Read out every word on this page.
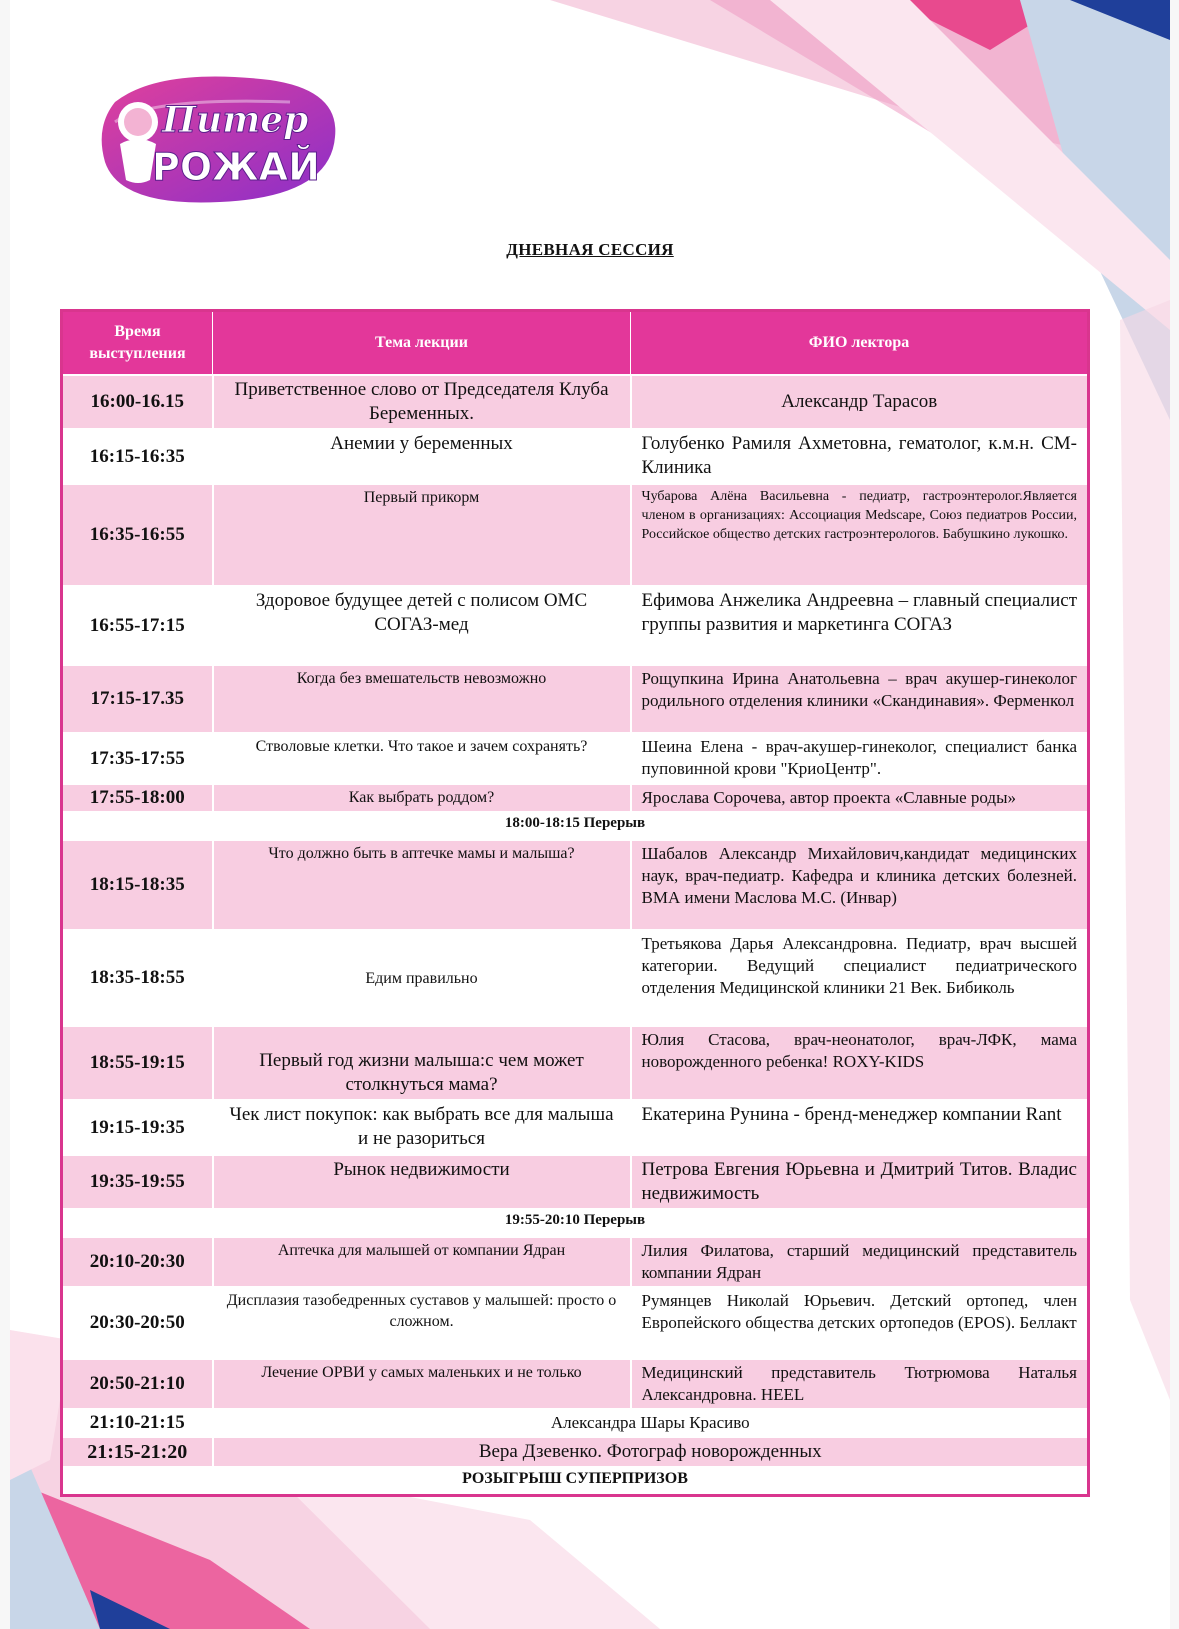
Питер
РОЖАЙ
ДНЕВНАЯ СЕССИЯ
Время выступления	Тема лекции	ФИО лектора
16:00-16.15	Приветственное слово от Председателя Клуба Беременных.	Александр Тарасов
16:15-16:35	Анемии у беременных	Голубенко Рамиля Ахметовна, гематолог, к.м.н. СМ-Клиника
16:35-16:55	Первый прикорм	Чубарова Алёна Васильевна - педиатр, гастроэнтеролог.Является членом в организациях: Ассоциация Medscape, Союз педиатров России, Российское общество детских гастроэнтерологов. Бабушкино лукошко.
16:55-17:15	Здоровое будущее детей с полисом ОМС СОГАЗ-мед	Ефимова Анжелика Андреевна – главный специалист группы развития и маркетинга СОГАЗ
17:15-17.35	Когда без вмешательств невозможно	Рощупкина Ирина Анатольевна – врач акушер-гинеколог родильного отделения клиники «Скандинавия». Ферменкол
17:35-17:55	Стволовые клетки. Что такое и зачем сохранять?	Шеина Елена - врач-акушер-гинеколог, специалист банка пуповинной крови "КриоЦентр".
17:55-18:00	Как выбрать роддом?	Ярослава Сорочева, автор проекта «Славные роды»
18:00-18:15 Перерыв		
18:15-18:35	Что должно быть в аптечке мамы и малыша?	Шабалов Александр Михайлович,кандидат медицинских наук, врач-педиатр. Кафедра и клиника детских болезней. ВМА имени Маслова М.С. (Инвар)
18:35-18:55	Едим правильно	Третьякова Дарья Александровна. Педиатр, врач высшей категории. Ведущий специалист педиатрического отделения Медицинской клиники 21 Век. Бибиколь
18:55-19:15	Первый год жизни малыша:с чем может столкнуться мама?	Юлия Стасова, врач-неонатолог, врач-ЛФК, мама новорожденного ребенка! ROXY-KIDS
19:15-19:35	Чек лист покупок: как выбрать все для малыша и не разориться	Екатерина Рунина - бренд-менеджер компании Rant
19:35-19:55	Рынок недвижимости	Петрова Евгения Юрьевна и Дмитрий Титов. Владис недвижимость
19:55-20:10 Перерыв		
20:10-20:30	Аптечка для малышей от компании Ядран	Лилия Филатова, старший медицинский представитель компании Ядран
20:30-20:50	Дисплазия тазобедренных суставов у малышей: просто о сложном.	Румянцев Николай Юрьевич. Детский ортопед, член Европейского общества детских ортопедов (EPOS). Беллакт
20:50-21:10	Лечение ОРВИ у самых маленьких и не только	Медицинский представитель Тютрюмова Наталья Александровна. HEEL
21:10-21:15	Александра Шары Красиво	
21:15-21:20	Вера Дзевенко. Фотограф новорожденных	
РОЗЫГРЫШ СУПЕРПРИЗОВ		
